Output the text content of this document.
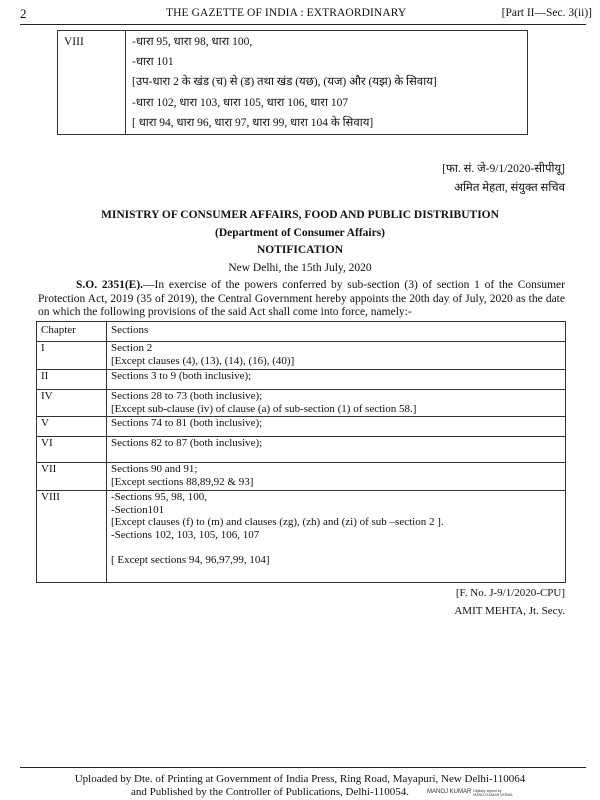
2	THE GAZETTE OF INDIA : EXTRAORDINARY	[Part II—Sec. 3(ii)]
VIII	-धारा 95, धारा 98, धारा 100,
-धारा 101
[उप-धारा 2 के खंड (च) से (ड) तथा खंड (यछ), (यज) और (यझ) के सिवाय]
-धारा 102, धारा 103, धारा 105, धारा 106, धारा 107
[ धारा 94, धारा 96, धारा 97, धारा 99, धारा 104 के सिवाय]
[फा. सं. जे-9/1/2020-सीपीयू]
अमित मेहता, संयुक्त सचिव
MINISTRY OF CONSUMER AFFAIRS, FOOD AND PUBLIC DISTRIBUTION
(Department of Consumer Affairs)
NOTIFICATION
New Delhi, the 15th July, 2020
S.O. 2351(E).—In exercise of the powers conferred by sub-section (3) of section 1 of the Consumer Protection Act, 2019 (35 of 2019), the Central Government hereby appoints the 20th day of July, 2020 as the date on which the following provisions of the said Act shall come into force, namely:-
Chapter	Sections
I	Section 2
[Except clauses (4), (13), (14), (16), (40)]

II	Sections 3 to 9 (both inclusive);

IV	Sections 28 to 73 (both inclusive);
[Except sub-clause (iv) of clause (a) of sub-section (1) of section 58.]

V	Sections 74 to 81 (both inclusive);

VI	Sections 82 to 87 (both inclusive);

VII	Sections 90 and 91;
[Except sections 88,89,92 & 93]

VIII	-Sections 95, 98, 100,
-Section101
[Except clauses (f) to (m) and clauses (zg), (zh) and (zi) of sub –section 2 ].
-Sections 102, 103, 105, 106, 107
[ Except sections 94, 96,97,99, 104]
[F. No. J-9/1/2020-CPU]
AMIT MEHTA, Jt. Secy.
Uploaded by Dte. of Printing at Government of India Press, Ring Road, Mayapuri, New Delhi-110064
and Published by the Controller of Publications, Delhi-110054.	MANOJ KUMAR Digitally signed by
MANOJ KUMAR VERMA
